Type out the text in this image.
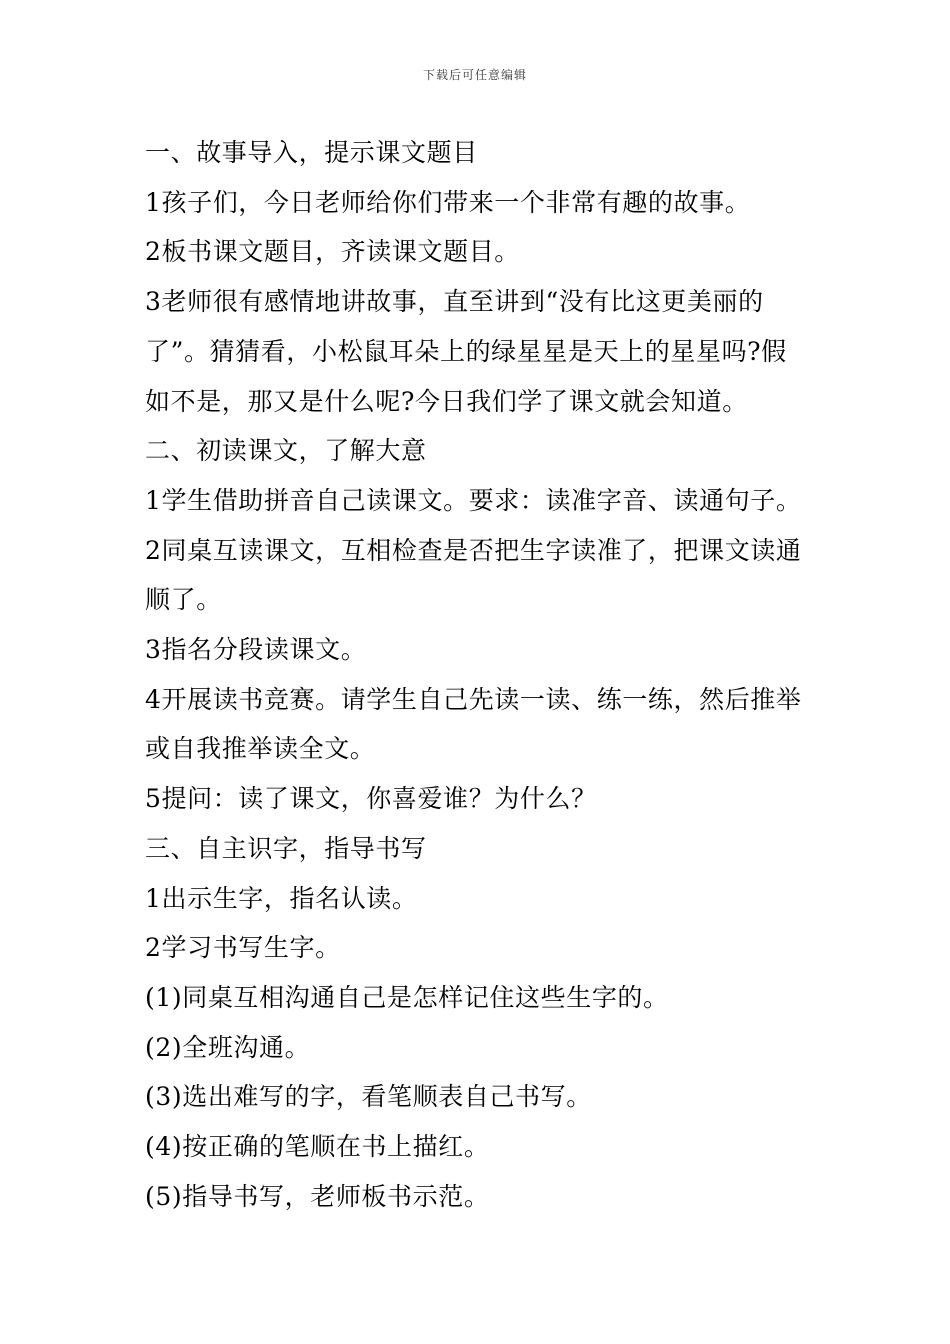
下载后可任意编辑
一、故事导入，提示课文题目
1孩子们，今日老师给你们带来一个非常有趣的故事。
2板书课文题目，齐读课文题目。
3老师很有感情地讲故事，直至讲到“没有比这更美丽的
了”。猜猜看，小松鼠耳朵上的绿星星是天上的星星吗?假
如不是，那又是什么呢?今日我们学了课文就会知道。
二、初读课文，了解大意
1学生借助拼音自己读课文。要求：读准字音、读通句子。
2同桌互读课文，互相检查是否把生字读准了，把课文读通
顺了。
3指名分段读课文。
4开展读书竞赛。请学生自己先读一读、练一练，然后推举
或自我推举读全文。
5提问：读了课文，你喜爱谁？为什么？
三、自主识字，指导书写
1出示生字，指名认读。
2学习书写生字。
(1)同桌互相沟通自己是怎样记住这些生字的。
(2)全班沟通。
(3)选出难写的字，看笔顺表自己书写。
(4)按正确的笔顺在书上描红。
(5)指导书写，老师板书示范。
